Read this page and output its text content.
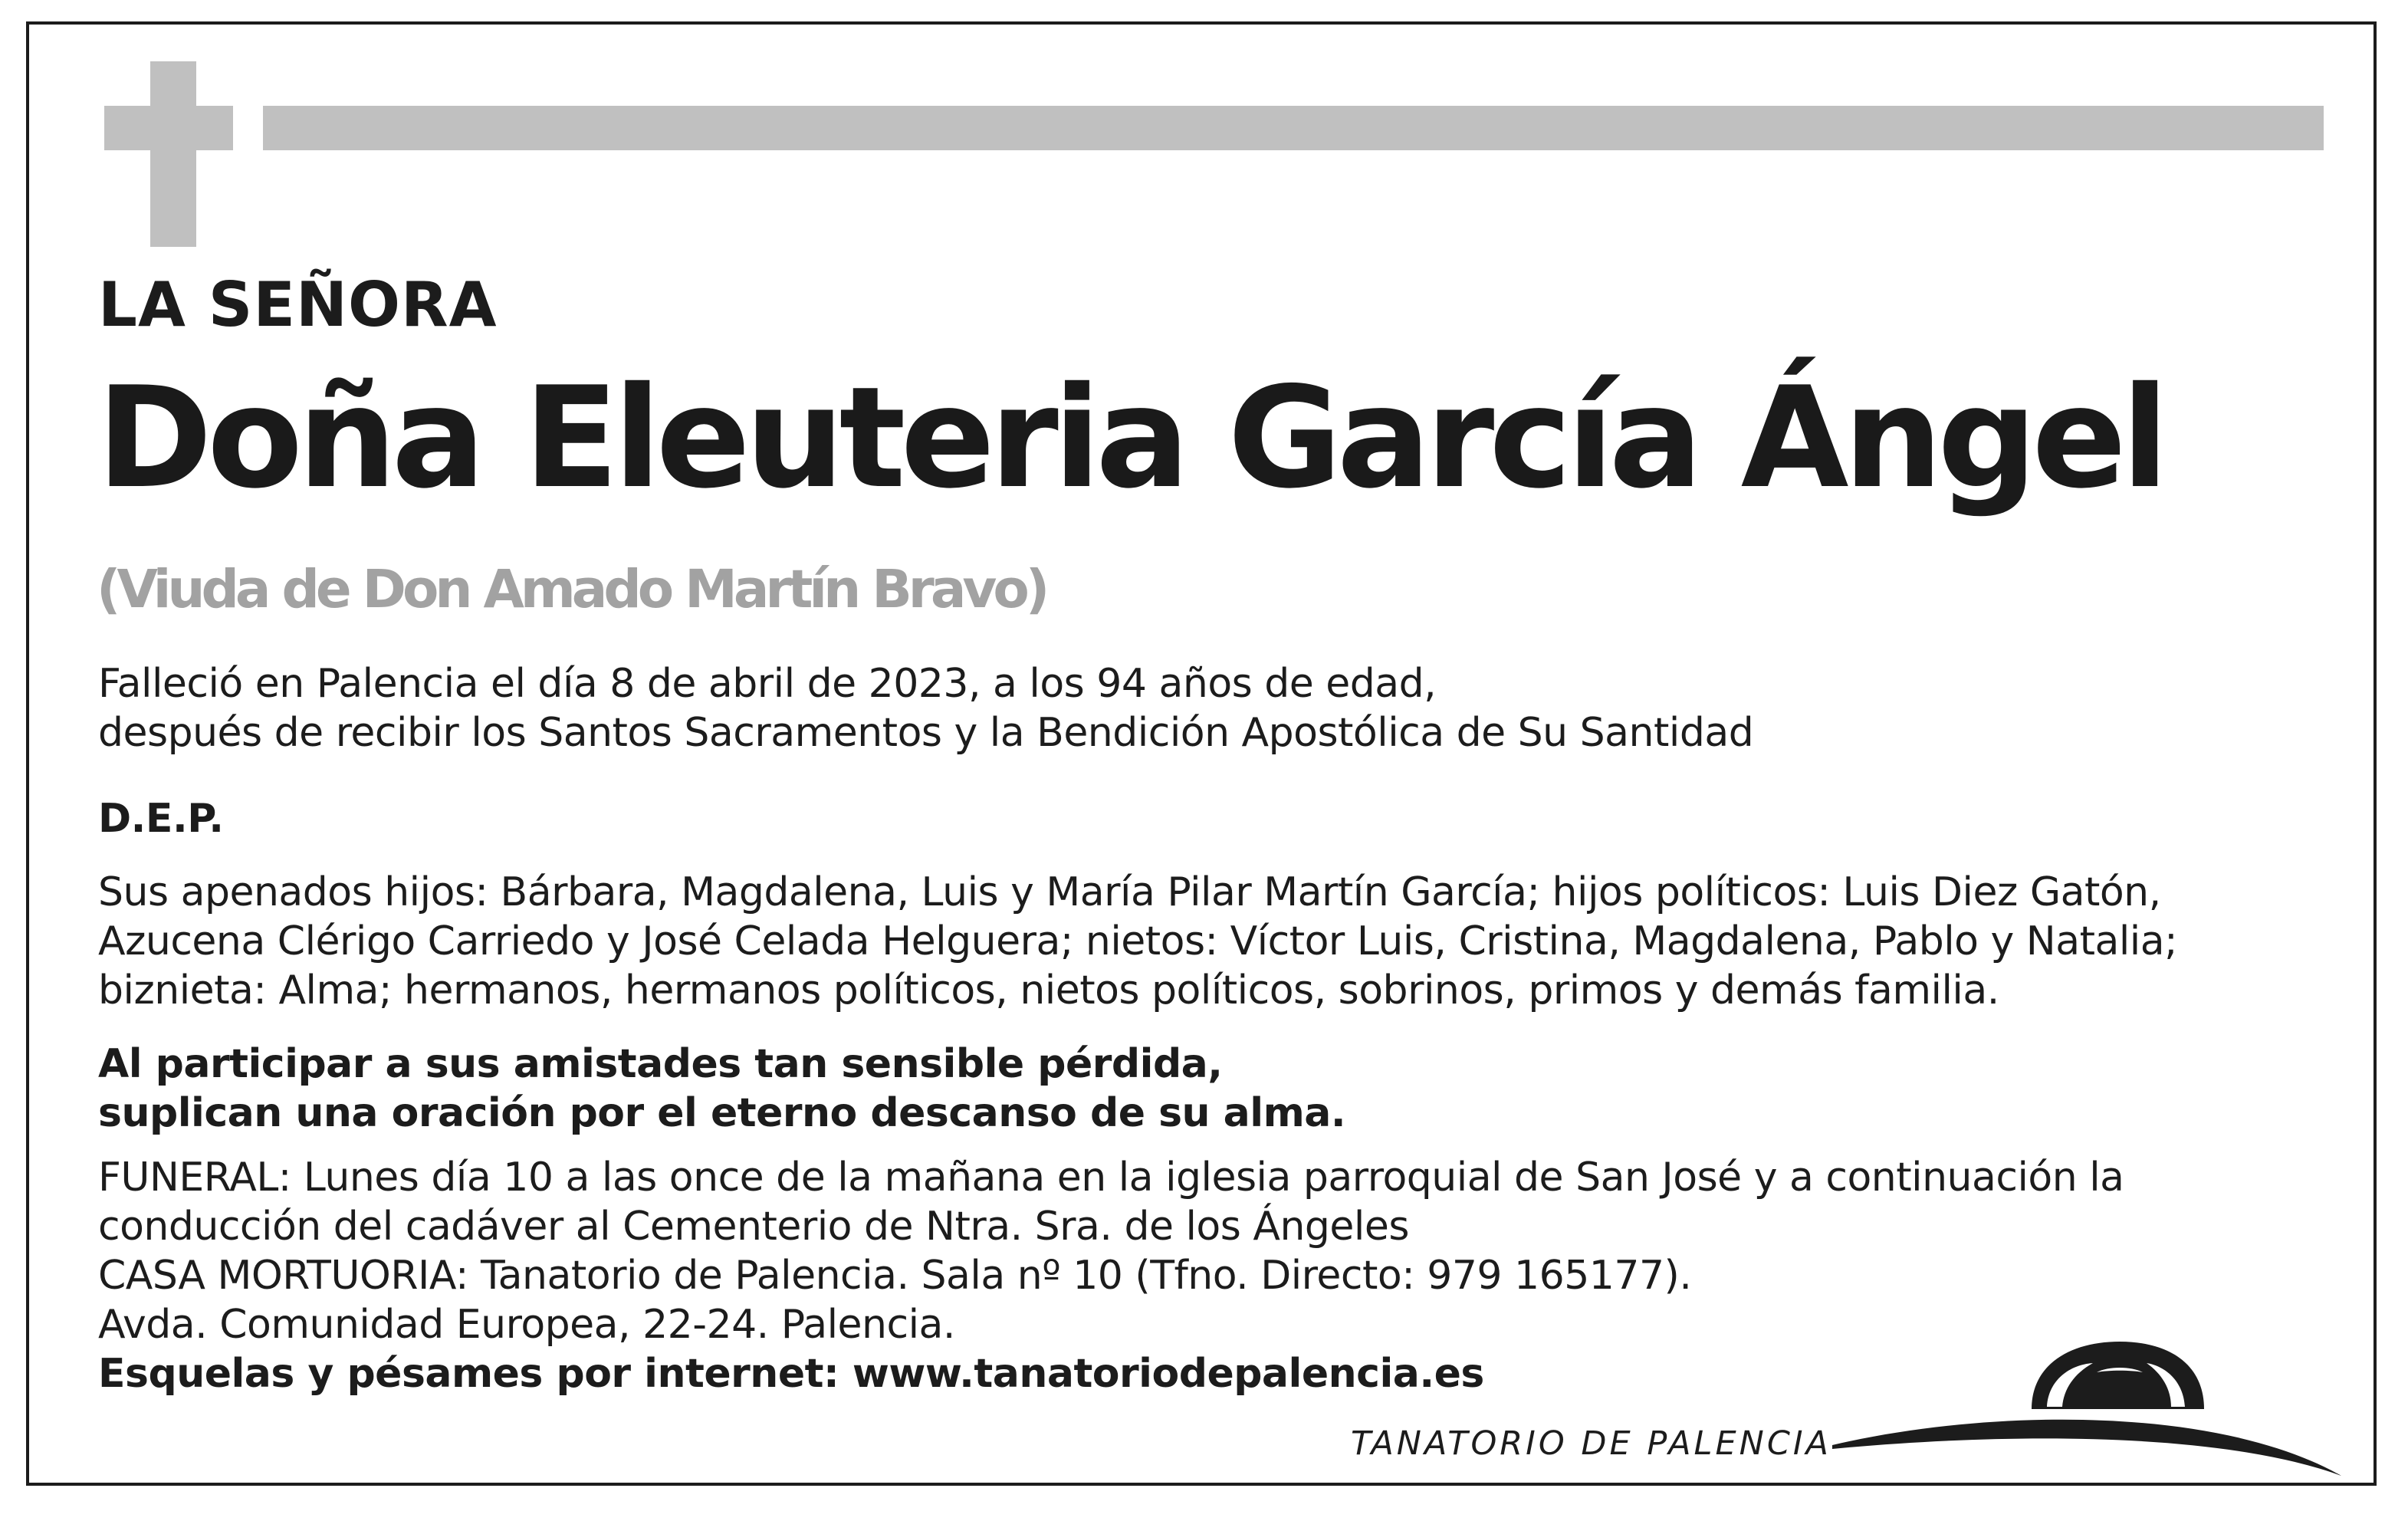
LA SEÑORA
Doña Eleuteria García Ángel
(Viuda de Don Amado Martín Bravo)
Falleció en Palencia el día 8 de abril de 2023, a los 94 años de edad,
después de recibir los Santos Sacramentos y la Bendición Apostólica de Su Santidad
D.E.P.
Sus apenados hijos: Bárbara, Magdalena, Luis y María Pilar Martín García; hijos políticos: Luis Diez Gatón,
Azucena Clérigo Carriedo y José Celada Helguera; nietos: Víctor Luis, Cristina, Magdalena, Pablo y Natalia;
biznieta: Alma; hermanos, hermanos políticos, nietos políticos, sobrinos, primos y demás familia.
Al participar a sus amistades tan sensible pérdida,
suplican una oración por el eterno descanso de su alma.
FUNERAL: Lunes día 10 a las once de la mañana en la iglesia parroquial de San José y a continuación la
conducción del cadáver al Cementerio de Ntra. Sra. de los Ángeles
CASA MORTUORIA: Tanatorio de Palencia. Sala nº 10 (Tfno. Directo: 979 165177).
Avda. Comunidad Europea, 22-24. Palencia.
Esquelas y pésames por internet: www.tanatoriodepalencia.es
TANATORIO DE PALENCIA
